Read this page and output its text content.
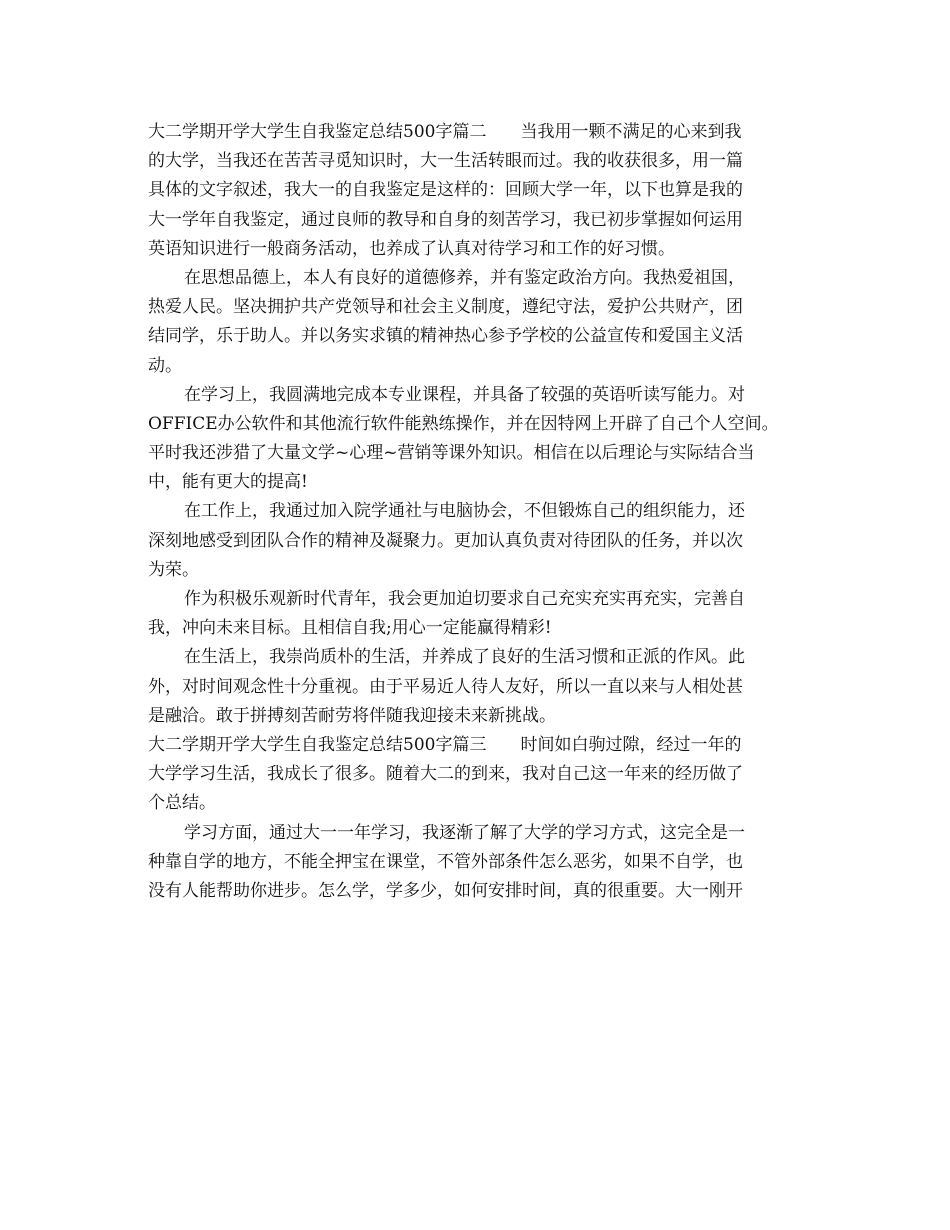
大二学期开学大学生自我鉴定总结500字篇二　　当我用一颗不满足的心来到我
的大学，当我还在苦苦寻觅知识时，大一生活转眼而过。我的收获很多，用一篇
具体的文字叙述，我大一的自我鉴定是这样的：回顾大学一年，以下也算是我的
大一学年自我鉴定，通过良师的教导和自身的刻苦学习，我已初步掌握如何运用
英语知识进行一般商务活动，也养成了认真对待学习和工作的好习惯。
在思想品德上，本人有良好的道德修养，并有鉴定政治方向。我热爱祖国，
热爱人民。坚决拥护共产党领导和社会主义制度，遵纪守法，爱护公共财产，团
结同学，乐于助人。并以务实求镇的精神热心参予学校的公益宣传和爱国主义活
动。
在学习上，我圆满地完成本专业课程，并具备了较强的英语听读写能力。对
OFFICE办公软件和其他流行软件能熟练操作，并在因特网上开辟了自己个人空间。
平时我还涉猎了大量文学~心理~营销等课外知识。相信在以后理论与实际结合当
中，能有更大的提高!
在工作上，我通过加入院学通社与电脑协会，不但锻炼自己的组织能力，还
深刻地感受到团队合作的精神及凝聚力。更加认真负责对待团队的任务，并以次
为荣。
作为积极乐观新时代青年，我会更加迫切要求自己充实充实再充实，完善自
我，冲向未来目标。且相信自我;用心一定能赢得精彩!
在生活上，我崇尚质朴的生活，并养成了良好的生活习惯和正派的作风。此
外，对时间观念性十分重视。由于平易近人待人友好，所以一直以来与人相处甚
是融洽。敢于拼搏刻苦耐劳将伴随我迎接未来新挑战。
大二学期开学大学生自我鉴定总结500字篇三　　时间如白驹过隙，经过一年的
大学学习生活，我成长了很多。随着大二的到来，我对自己这一年来的经历做了
个总结。
学习方面，通过大一一年学习，我逐渐了解了大学的学习方式，这完全是一
种靠自学的地方，不能全押宝在课堂，不管外部条件怎么恶劣，如果不自学，也
没有人能帮助你进步。怎么学，学多少，如何安排时间，真的很重要。大一刚开
